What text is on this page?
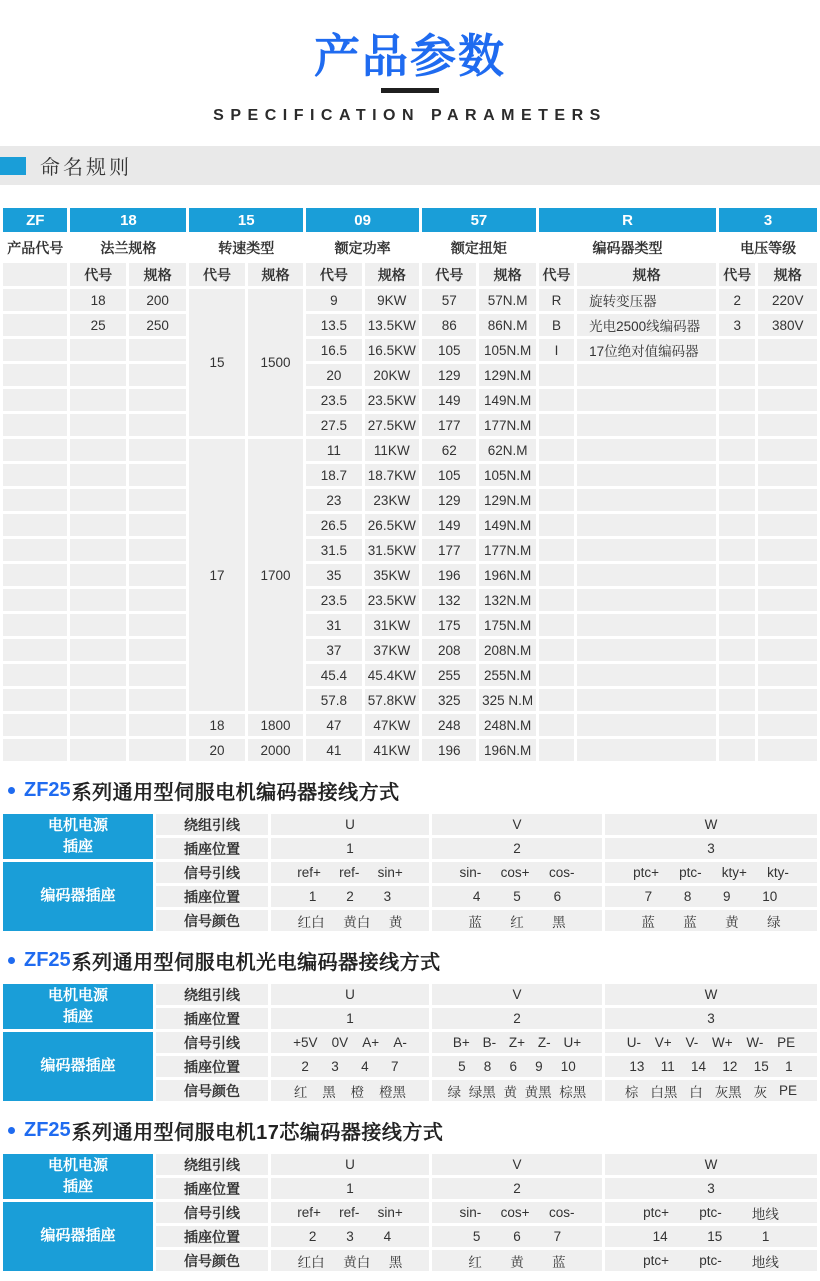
产品参数
SPECIFICATION PARAMETERS
命名规则
ZF	18		15		09		57		R		3	
产品代号	法兰规格		转速类型		额定功率		额定扭矩		编码器类型		电压等级	
	代号	规格	代号	规格	代号	规格	代号	规格	代号	规格	代号	规格
	18	200	15	1500	9	9KW	57	57N.M	R	旋转变压器	2	220V
	25	250			13.5	13.5KW	86	86N.M	B	光电2500线编码器	3	380V
					16.5	16.5KW	105	105N.M	I	17位绝对值编码器		
					20	20KW	129	129N.M				
					23.5	23.5KW	149	149N.M				
					27.5	27.5KW	177	177N.M				
			17	1700	11	11KW	62	62N.M				
					18.7	18.7KW	105	105N.M				
					23	23KW	129	129N.M				
					26.5	26.5KW	149	149N.M				
					31.5	31.5KW	177	177N.M				
					35	35KW	196	196N.M				
					23.5	23.5KW	132	132N.M				
					31	31KW	175	175N.M				
					37	37KW	208	208N.M				
					45.4	45.4KW	255	255N.M				
					57.8	57.8KW	325	325 N.M				
			18	1800	47	47KW	248	248N.M				
			20	2000	41	41KW	196	196N.M				
ZF25 系列通用型伺服电机编码器接线方式
电机电源
插座	绕组引线	U	V	W
	插座位置	1	2	3
编码器插座	信号引线	ref+ ref- sin+	sin- cos+ cos-	ptc+ ptc- kty+ kty-

	插座位置	1 2 3	4 5 6	7 8 9 10

	信号颜色	红白 黄白 黄	蓝 红 黑	蓝 蓝 黄 绿
ZF25 系列通用型伺服电机光电编码器接线方式
电机电源
插座	绕组引线	U	V	W
	插座位置	1	2	3
编码器插座	信号引线	+5V 0V A+ A-	B+ B- Z+ Z- U+	U- V+ V- W+ W- PE

插座位置	2 3 4 7	5 8 6 9 10	13 11 14 12 15 1

信号颜色	红 黑 橙 橙黑	绿 绿黑 黄 黄黑 棕黑	棕 白黑 白 灰黑 灰 PE
ZF25 系列通用型伺服电机17芯编码器接线方式
电机电源
插座	绕组引线	U	V	W
	插座位置	1	2	3
编码器插座	信号引线	ref+ ref- sin+	sin- cos+ cos-	ptc+ ptc- 地线

	插座位置	2 3 4	5 6 7	14 15 1

	信号颜色	红白 黄白 黑	红 黄 蓝	ptc+ ptc- 地线
